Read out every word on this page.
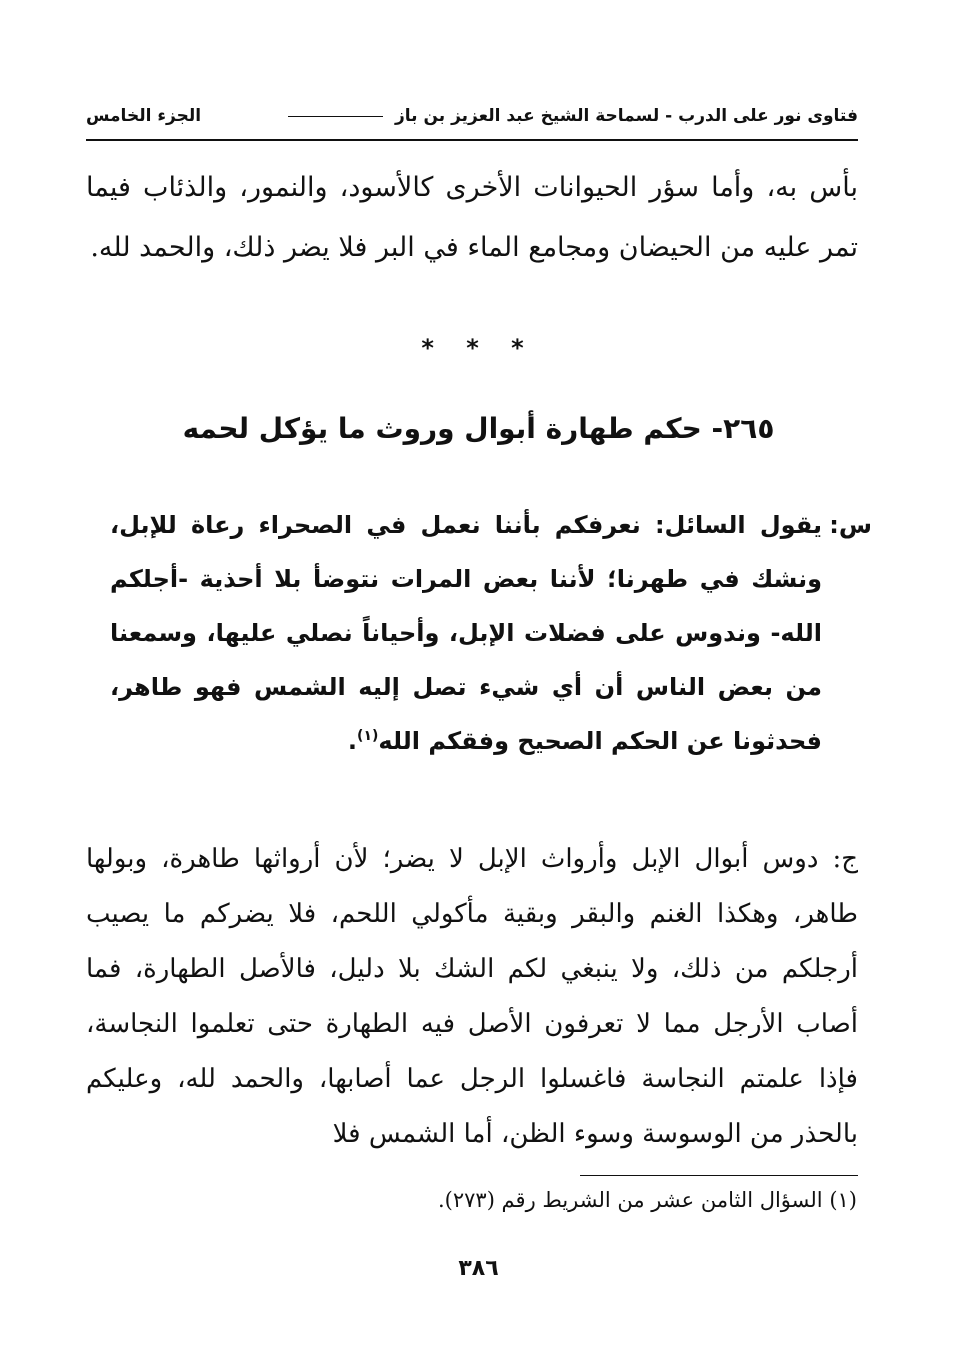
فتاوى نور على الدرب - لسماحة الشيخ عبد العزيز بن باز
الجزء الخامس
بأس به، وأما سؤر الحيوانات الأخرى كالأسود، والنمور، والذئاب فيما تمر عليه من الحيضان ومجامع الماء في البر فلا يضر ذلك، والحمد لله.
* * *
٢٦٥- حكم طهارة أبوال وروث ما يؤكل لحمه
س:
يقول السائل: نعرفكم بأننا نعمل في الصحراء رعاة للإبل، ونشك في طهرنا؛ لأننا بعض المرات نتوضأ بلا أحذية -أجلكم الله- وندوس على فضلات الإبل، وأحياناً نصلي عليها، وسمعنا من بعض الناس أن أي شيء تصل إليه الشمس فهو طاهر، فحدثونا عن الحكم الصحيح وفقكم الله$^{(١)}$.
ج: دوس أبوال الإبل وأرواث الإبل لا يضر؛ لأن أرواثها طاهرة، وبولها طاهر، وهكذا الغنم والبقر وبقية مأكولي اللحم، فلا يضركم ما يصيب أرجلكم من ذلك، ولا ينبغي لكم الشك بلا دليل، فالأصل الطهارة، فما أصاب الأرجل مما لا تعرفون الأصل فيه الطهارة حتى تعلموا النجاسة، فإذا علمتم النجاسة فاغسلوا الرجل عما أصابها، والحمد لله، وعليكم بالحذر من الوسوسة وسوء الظن، أما الشمس فلا
(١) السؤال الثامن عشر من الشريط رقم (٢٧٣).
٣٨٦
